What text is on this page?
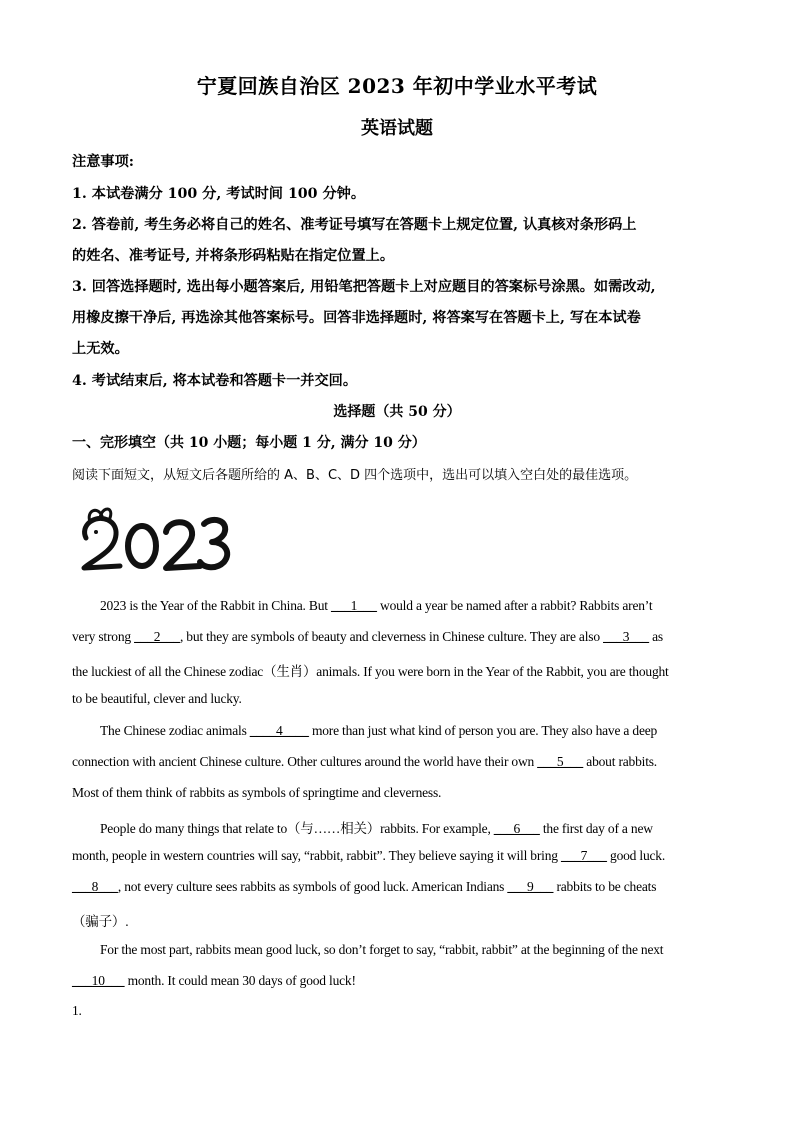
宁夏回族自治区 2023 年初中学业水平考试
英语试题
注意事项:
1. 本试卷满分 100 分, 考试时间 100 分钟。
2. 答卷前, 考生务必将自己的姓名、准考证号填写在答题卡上规定位置, 认真核对条形码上
的姓名、准考证号, 并将条形码粘贴在指定位置上。
3. 回答选择题时, 选出每小题答案后, 用铅笔把答题卡上对应题目的答案标号涂黑。如需改动,
用橡皮擦干净后, 再选涂其他答案标号。回答非选择题时, 将答案写在答题卡上, 写在本试卷
上无效。
4. 考试结束后, 将本试卷和答题卡一并交回。
选择题（共 50 分）
一、完形填空（共 10 小题；每小题 1 分, 满分 10 分）
阅读下面短文，从短文后各题所给的 A、B、C、D 四个选项中，选出可以填入空白处的最佳选项。
2023 is the Year of the Rabbit in China. But ___1___ would a year be named after a rabbit? Rabbits aren’t
very strong ___2___, but they are symbols of beauty and cleverness in Chinese culture. They are also ___3___ as
the luckiest of all the Chinese zodiac（生肖）animals. If you were born in the Year of the Rabbit, you are thought
to be beautiful, clever and lucky.
The Chinese zodiac animals ____4____ more than just what kind of person you are. They also have a deep
connection with ancient Chinese culture. Other cultures around the world have their own ___5___ about rabbits.
Most of them think of rabbits as symbols of springtime and cleverness.
People do many things that relate to（与……相关）rabbits. For example, ___6___ the first day of a new
month, people in western countries will say, “rabbit, rabbit”. They believe saying it will bring ___7___ good luck.
___8___, not every culture sees rabbits as symbols of good luck. American Indians ___9___ rabbits to be cheats
（骗子）.
For the most part, rabbits mean good luck, so don’t forget to say, “rabbit, rabbit” at the beginning of the next
___10___ month. It could mean 30 days of good luck!
1.
